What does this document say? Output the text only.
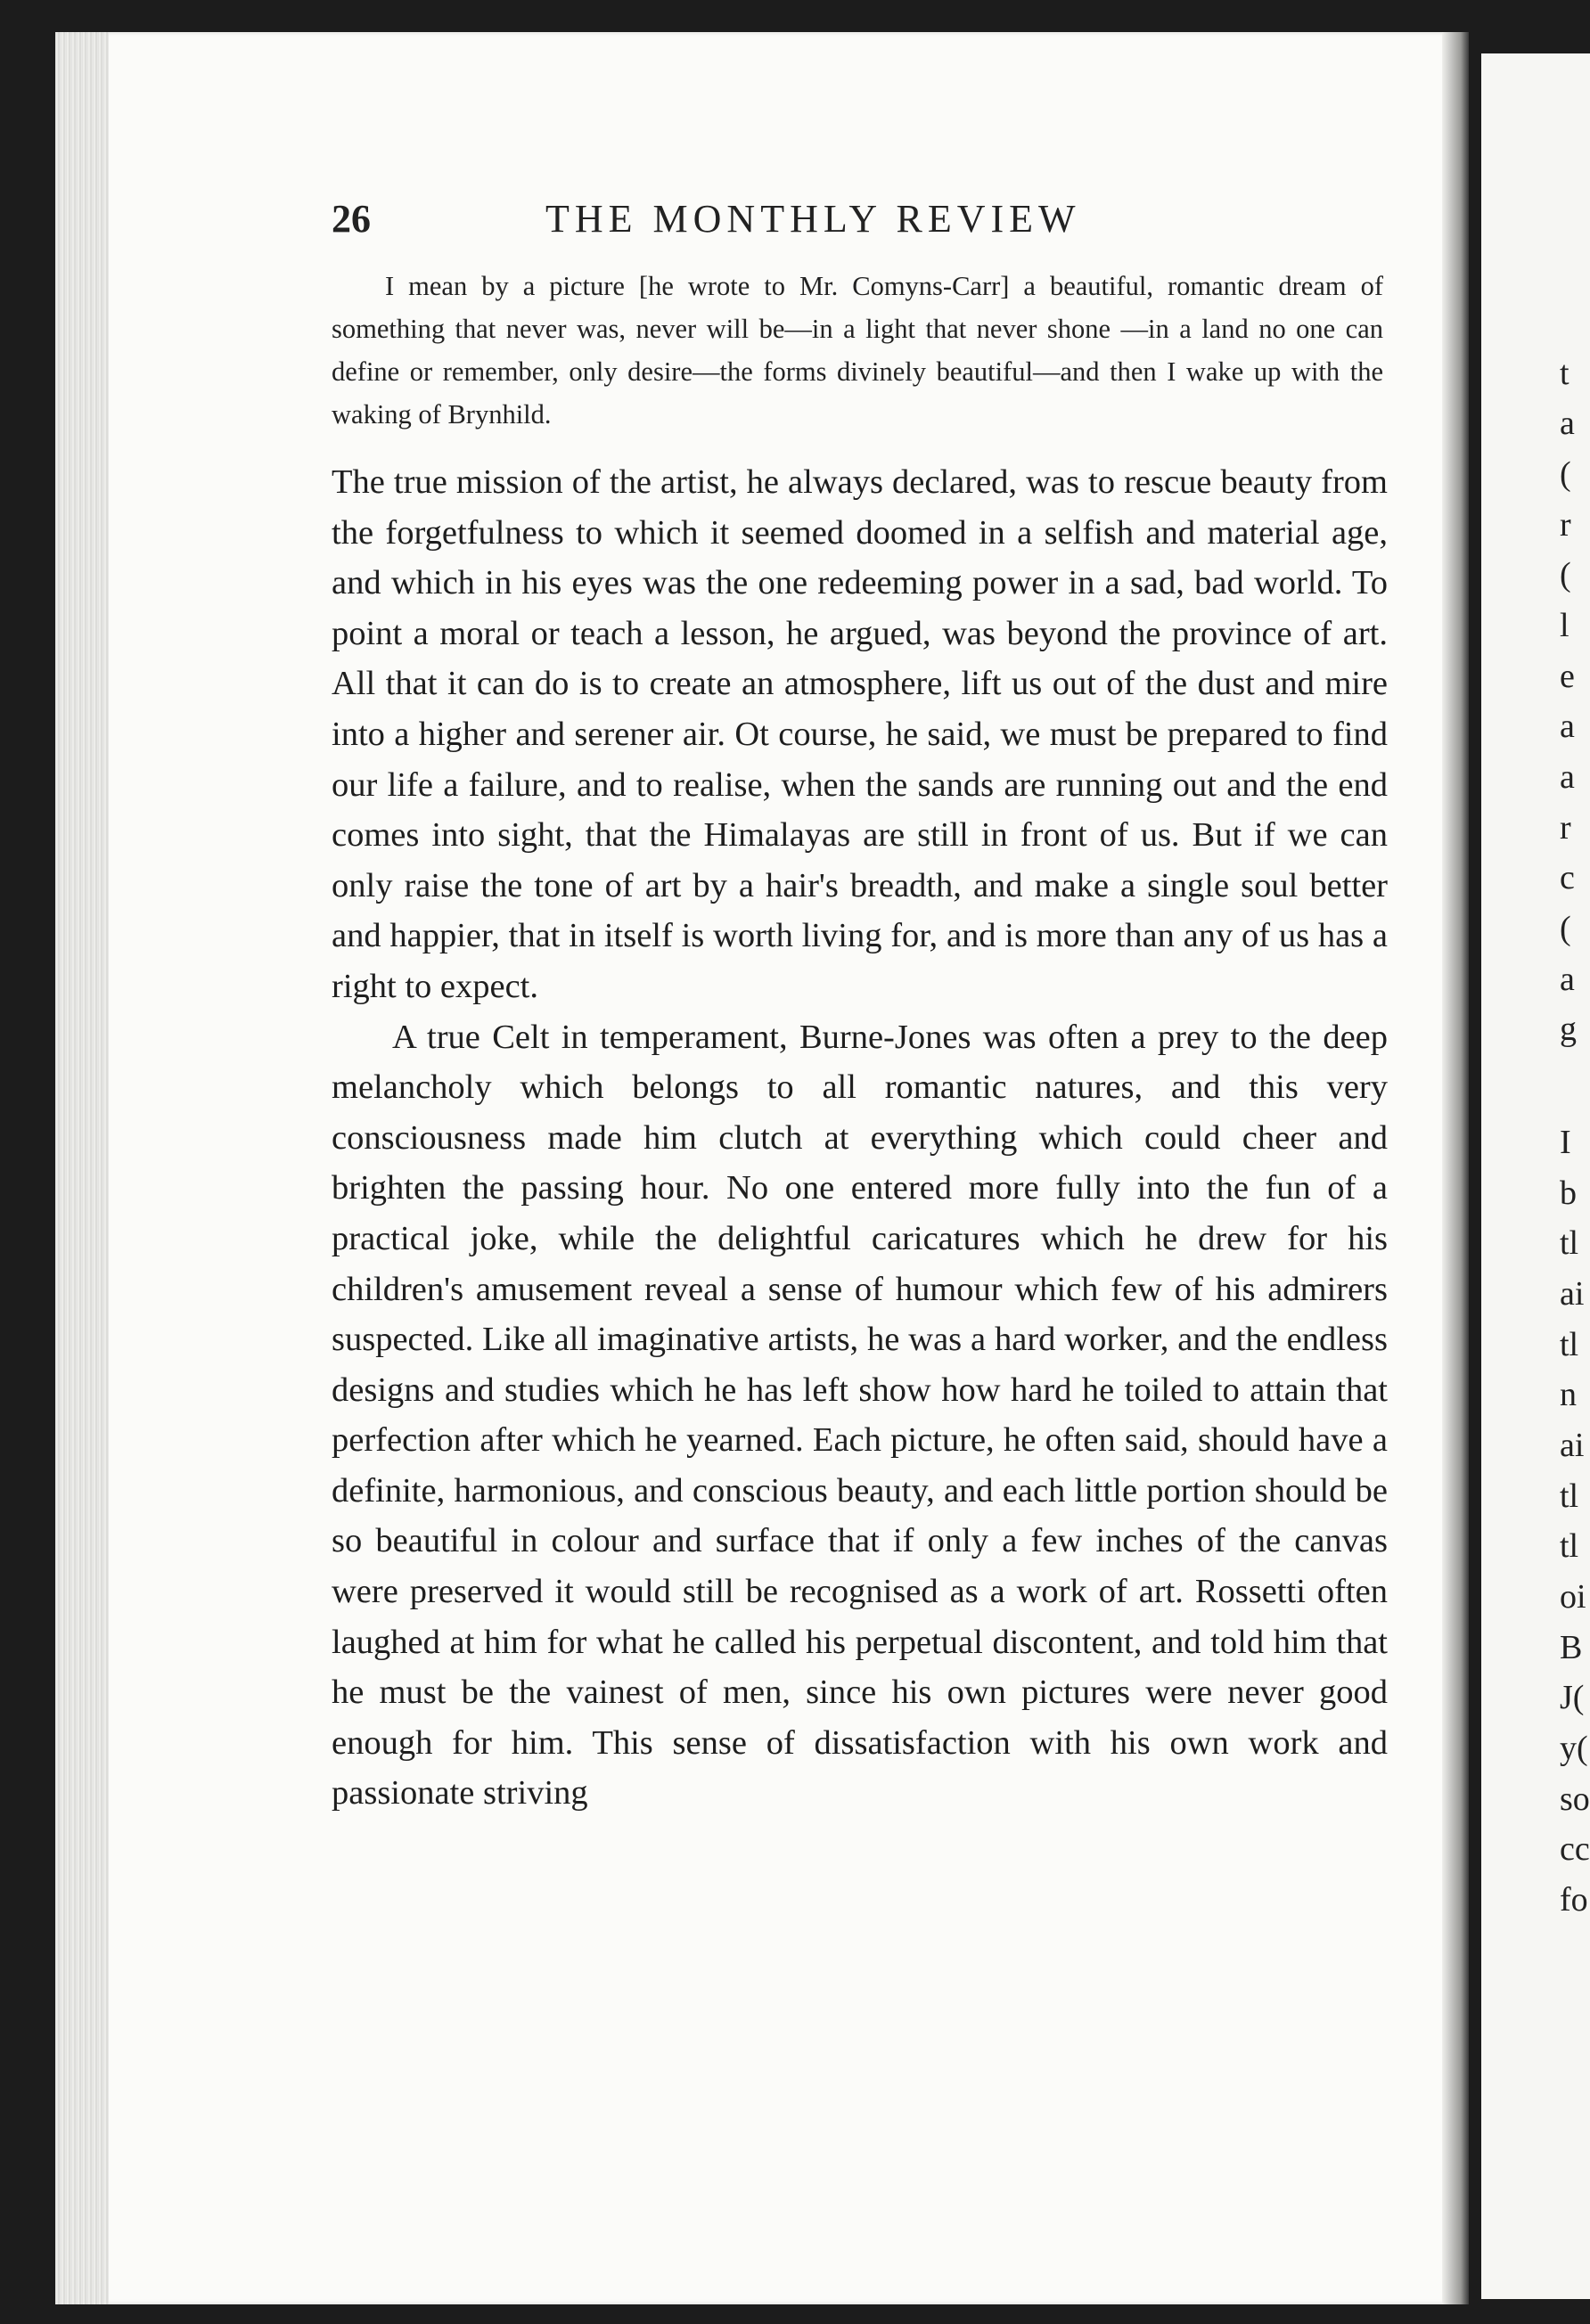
t
a
(
r
(
l
e
a
a
r
c
(
a
g
I
b
tl
ai
tl
n
ai
tl
tl
oi
B
J(
y(
so
cc
fo
26	THE MONTHLY REVIEW

I mean by a picture [he wrote to Mr. Comyns-Carr] a beautiful, romantic dream of something that never was, never will be—in a light that never shone —in a land no one can define or remember, only desire—the forms divinely beautiful—and then I wake up with the waking of Brynhild.

The true mission of the artist, he always declared, was to rescue beauty from the forgetfulness to which it seemed doomed in a selfish and material age, and which in his eyes was the one redeeming power in a sad, bad world. To point a moral or teach a lesson, he argued, was beyond the province of art. All that it can do is to create an atmosphere, lift us out of the dust and mire into a higher and serener air. Ot course, he said, we must be prepared to find our life a failure, and to realise, when the sands are running out and the end comes into sight, that the Himalayas are still in front of us. But if we can only raise the tone of art by a hair's breadth, and make a single soul better and happier, that in itself is worth living for, and is more than any of us has a right to expect.

A true Celt in temperament, Burne-Jones was often a prey to the deep melancholy which belongs to all romantic natures, and this very consciousness made him clutch at everything which could cheer and brighten the passing hour. No one entered more fully into the fun of a practical joke, while the delightful caricatures which he drew for his children's amusement reveal a sense of humour which few of his admirers suspected. Like all imaginative artists, he was a hard worker, and the endless designs and studies which he has left show how hard he toiled to attain that perfection after which he yearned. Each picture, he often said, should have a definite, harmonious, and conscious beauty, and each little portion should be so beautiful in colour and surface that if only a few inches of the canvas were preserved it would still be recognised as a work of art. Rossetti often laughed at him for what he called his perpetual discontent, and told him that he must be the vainest of men, since his own pictures were never good enough for him. This sense of dissatisfaction with his own work and passionate striving
